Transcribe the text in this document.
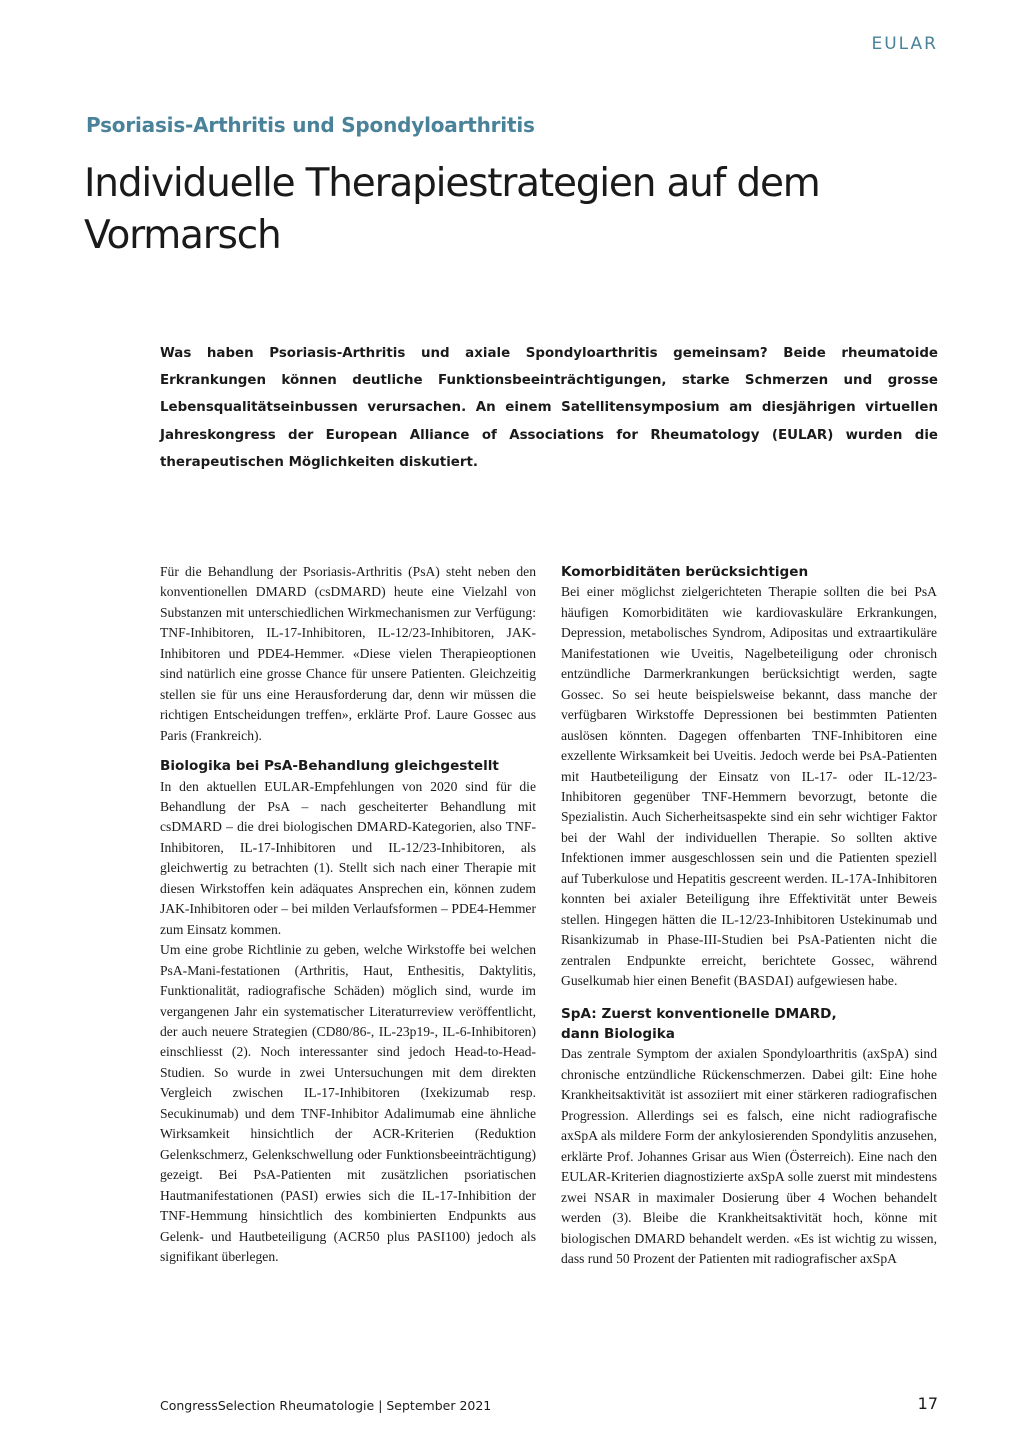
EULAR
Psoriasis-Arthritis und Spondyloarthritis
Individuelle Therapiestrategien auf dem Vormarsch

Was haben Psoriasis-Arthritis und axiale Spondyloarthritis gemeinsam? Beide rheumatoide Erkrankungen können deutliche Funktionsbeeinträchtigungen, starke Schmerzen und grosse Lebensqualitätseinbussen verursachen. An einem Satellitensymposium am diesjährigen virtuellen Jahreskongress der European Alliance of Associations for Rheumatology (EULAR) wurden die therapeutischen Möglichkeiten diskutiert.

Für die Behandlung der Psoriasis-Arthritis (PsA) steht neben den konventionellen DMARD (csDMARD) heute eine Vielzahl von Substanzen mit unterschiedlichen Wirkmechanismen zur Verfügung: TNF-Inhibitoren, IL-17-Inhibitoren, IL-12/23-Inhibitoren, JAK-Inhibitoren und PDE4-Hemmer. «Diese vielen Therapieoptionen sind natürlich eine grosse Chance für unsere Patienten. Gleichzeitig stellen sie für uns eine Herausforderung dar, denn wir müssen die richtigen Entscheidungen treffen», erklärte Prof. Laure Gossec aus Paris (Frankreich).

Biologika bei PsA-Behandlung gleichgestellt

In den aktuellen EULAR-Empfehlungen von 2020 sind für die Behandlung der PsA – nach gescheiterter Behandlung mit csDMARD – die drei biologischen DMARD-Kategorien, also TNF-Inhibitoren, IL-17-Inhibitoren und IL-12/23-Inhibitoren, als gleichwertig zu betrachten (1). Stellt sich nach einer Therapie mit diesen Wirkstoffen kein adäquates Ansprechen ein, können zudem JAK-Inhibitoren oder – bei milden Verlaufsformen – PDE4-Hemmer zum Einsatz kommen.

Um eine grobe Richtlinie zu geben, welche Wirkstoffe bei welchen PsA-Mani-festationen (Arthritis, Haut, Enthesitis, Daktylitis, Funktionalität, radiografische Schäden) möglich sind, wurde im vergangenen Jahr ein systematischer Literaturreview veröffentlicht, der auch neuere Strategien (CD80/86-, IL-23p19-, IL-6-Inhibitoren) einschliesst (2). Noch interessanter sind jedoch Head-to-Head-Studien. So wurde in zwei Untersuchungen mit dem direkten Vergleich zwischen IL-17-Inhibitoren (Ixekizumab resp. Secukinumab) und dem TNF-Inhibitor Adalimumab eine ähnliche Wirksamkeit hinsichtlich der ACR-Kriterien (Reduktion Gelenkschmerz, Gelenkschwellung oder Funktionsbeeinträchtigung) gezeigt. Bei PsA-Patienten mit zusätzlichen psoriatischen Hautmanifestationen (PASI) erwies sich die IL-17-Inhibition der TNF-Hemmung hinsichtlich des kombinierten Endpunkts aus Gelenk- und Hautbeteiligung (ACR50 plus PASI100) jedoch als signifikant überlegen.

Komorbiditäten berücksichtigen

Bei einer möglichst zielgerichteten Therapie sollten die bei PsA häufigen Komorbiditäten wie kardiovaskuläre Erkrankungen, Depression, metabolisches Syndrom, Adipositas und extraartikuläre Manifestationen wie Uveitis, Nagelbeteiligung oder chronisch entzündliche Darmerkrankungen berücksichtigt werden, sagte Gossec. So sei heute beispielsweise bekannt, dass manche der verfügbaren Wirkstoffe Depressionen bei bestimmten Patienten auslösen könnten. Dagegen offenbarten TNF-Inhibitoren eine exzellente Wirksamkeit bei Uveitis. Jedoch werde bei PsA-Patienten mit Hautbeteiligung der Einsatz von IL-17- oder IL-12/23-Inhibitoren gegenüber TNF-Hemmern bevorzugt, betonte die Spezialistin. Auch Sicherheitsaspekte sind ein sehr wichtiger Faktor bei der Wahl der individuellen Therapie. So sollten aktive Infektionen immer ausgeschlossen sein und die Patienten speziell auf Tuberkulose und Hepatitis gescreent werden. IL-17A-Inhibitoren konnten bei axialer Beteiligung ihre Effektivität unter Beweis stellen. Hingegen hätten die IL-12/23-Inhibitoren Ustekinumab und Risankizumab in Phase-III-Studien bei PsA-Patienten nicht die zentralen Endpunkte erreicht, berichtete Gossec, während Guselkumab hier einen Benefit (BASDAI) aufgewiesen habe.

SpA: Zuerst konventionelle DMARD,
dann Biologika

Das zentrale Symptom der axialen Spondyloarthritis (axSpA) sind chronische entzündliche Rückenschmerzen. Dabei gilt: Eine hohe Krankheitsaktivität ist assoziiert mit einer stärkeren radiografischen Progression. Allerdings sei es falsch, eine nicht radiografische axSpA als mildere Form der ankylosierenden Spondylitis anzusehen, erklärte Prof. Johannes Grisar aus Wien (Österreich). Eine nach den EULAR-Kriterien diagnostizierte axSpA solle zuerst mit mindestens zwei NSAR in maximaler Dosierung über 4 Wochen behandelt werden (3). Bleibe die Krankheitsaktivität hoch, könne mit biologischen DMARD behandelt werden. «Es ist wichtig zu wissen, dass rund 50 Prozent der Patienten mit radiografischer axSpA

CongressSelection Rheumatologie | September 2021	17
